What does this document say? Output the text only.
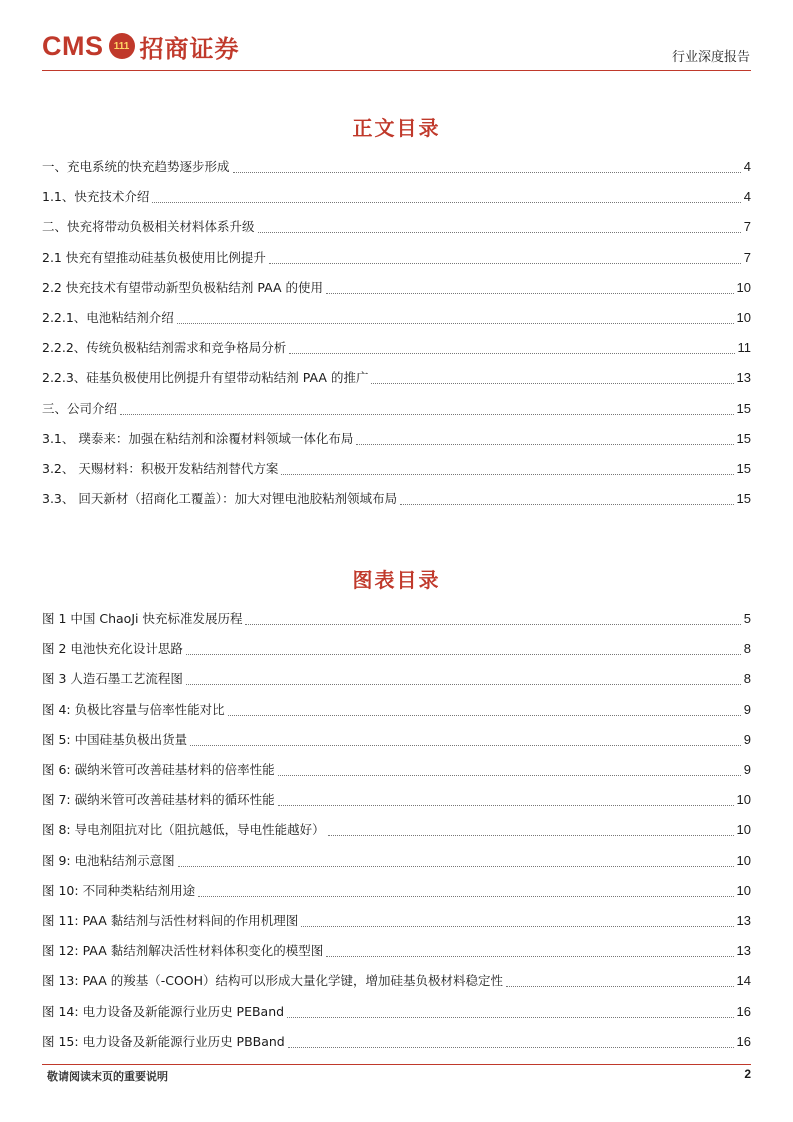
CMS	111 招商证券	行业深度报告
正文目录
一、充电系统的快充趋势逐步形成	4
1.1、快充技术介绍	4
二、快充将带动负极相关材料体系升级	7
2.1 快充有望推动硅基负极使用比例提升	7
2.2 快充技术有望带动新型负极粘结剂 PAA 的使用	10
2.2.1、电池粘结剂介绍	10
2.2.2、传统负极粘结剂需求和竞争格局分析	11
2.2.3、硅基负极使用比例提升有望带动粘结剂 PAA 的推广	13
三、公司介绍	15
3.1、 璞泰来：加强在粘结剂和涂覆材料领域一体化布局	15
3.2、 天赐材料：积极开发粘结剂替代方案	15
3.3、 回天新材（招商化工覆盖）：加大对锂电池胶粘剂领域布局	15
图表目录
图 1 中国 ChaoJi 快充标准发展历程	5
图 2 电池快充化设计思路	8
图 3 人造石墨工艺流程图	8
图 4: 负极比容量与倍率性能对比	9
图 5: 中国硅基负极出货量	9
图 6: 碳纳米管可改善硅基材料的倍率性能	9
图 7: 碳纳米管可改善硅基材料的循环性能	10
图 8: 导电剂阻抗对比（阻抗越低，导电性能越好）	10
图 9: 电池粘结剂示意图	10
图 10: 不同种类粘结剂用途	10
图 11: PAA 黏结剂与活性材料间的作用机理图	13
图 12: PAA 黏结剂解决活性材料体积变化的模型图	13
图 13: PAA 的羧基（-COOH）结构可以形成大量化学键，增加硅基负极材料稳定性	14
图 14: 电力设备及新能源行业历史 PEBand	16
图 15: 电力设备及新能源行业历史 PBBand	16
敬请阅读末页的重要说明	2
